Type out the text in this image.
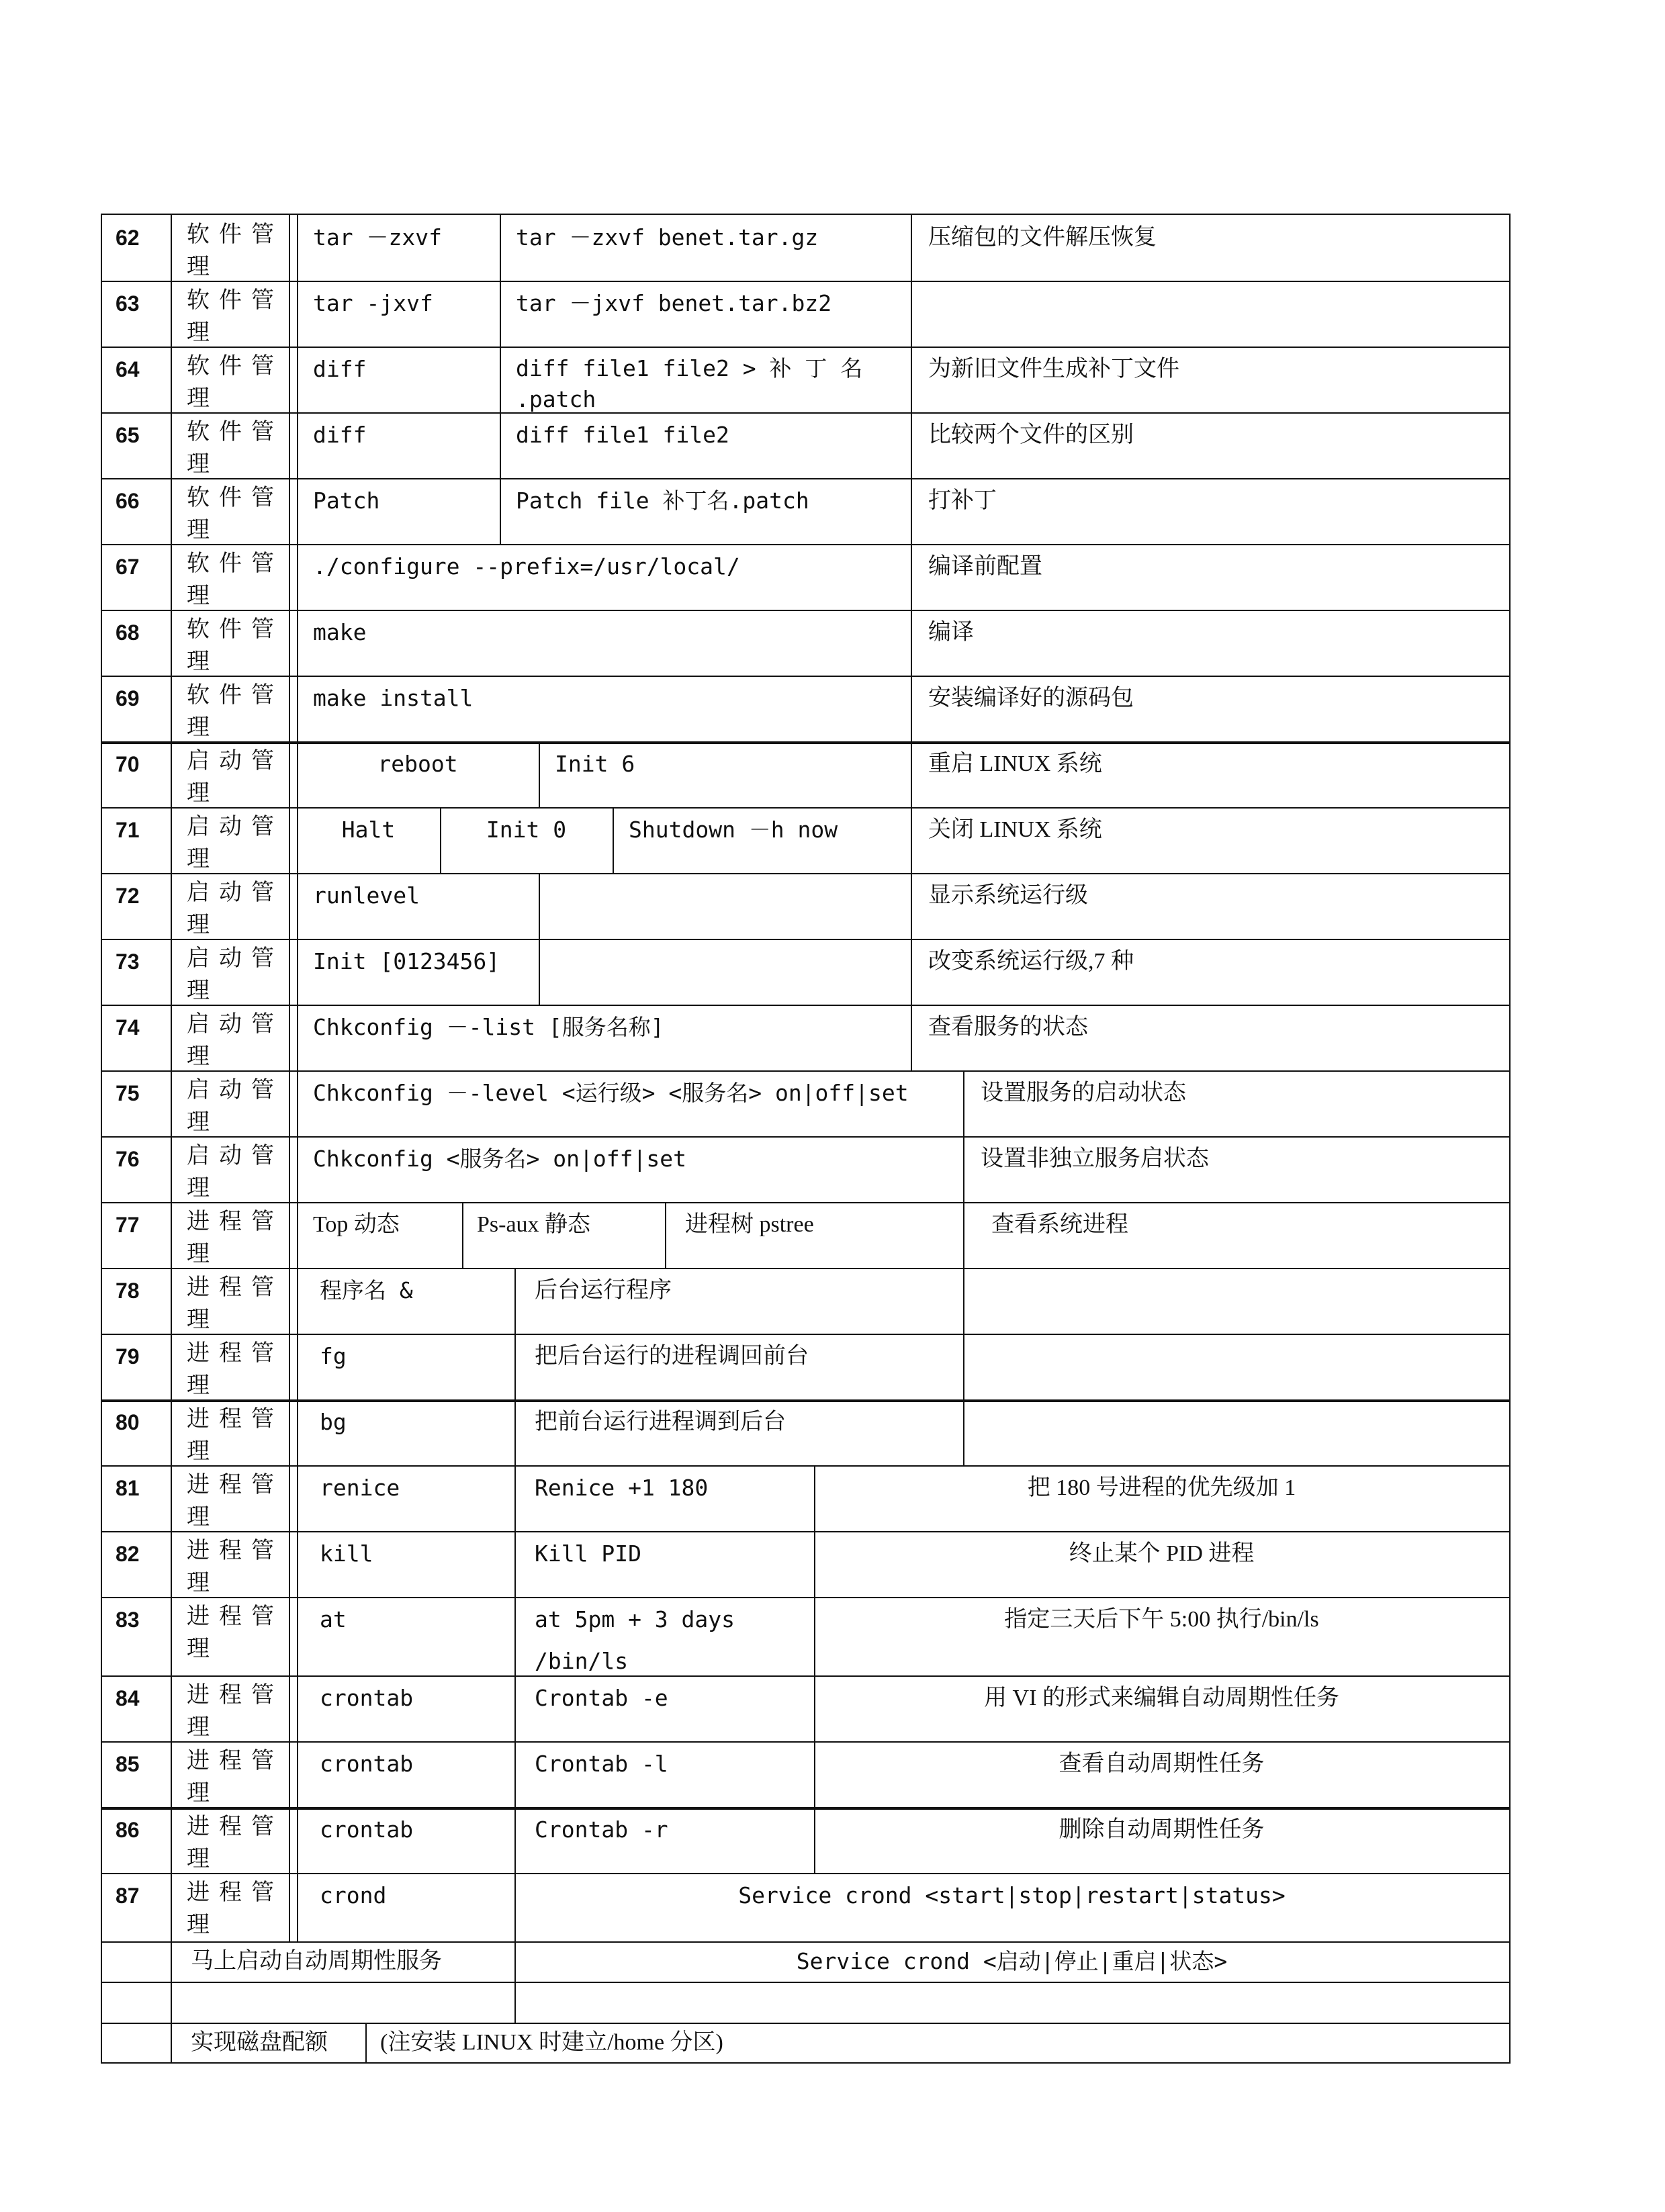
62 软件管
理
tar －zxvf	tar －zxvf benet.tar.gz	压缩包的文件解压恢复
63 软件管
理
tar -jxvf	tar －jxvf benet.tar.bz2
64 软件管
理
diff	diff file1 file2 > 补 丁 名
.patch
为新旧文件生成补丁文件
65 软件管
理
diff	diff file1 file2	比较两个文件的区别
66 软件管
理
Patch	Patch file 补丁名.patch	打补丁
67 软件管
理
./configure --prefix=/usr/local/	编译前配置
68 软件管
理
make	编译
69 软件管
理
make install	安装编译好的源码包
70 启动管
理
reboot	Init 6	重启 LINUX 系统
71 启动管
理
Halt	Init 0	Shutdown －h now	关闭 LINUX 系统
72 启动管
理
runlevel	显示系统运行级
73 启动管
理
Init [0123456]	改变系统运行级,7 种
74 启动管
理
Chkconfig －-list [服务名称]	查看服务的状态
75 启动管
理
Chkconfig －-level <运行级> <服务名> on|off|set	设置服务的启动状态
76 启动管
理
Chkconfig <服务名> on|off|set	设置非独立服务启状态
77 进程管
理
Top 动态	Ps-aux 静态	进程树 pstree	查看系统进程
78 进程管
理
程序名 &	后台运行程序
79 进程管
理
fg	把后台运行的进程调回前台
80 进程管
理
bg	把前台运行进程调到后台
81 进程管
理
renice	Renice +1 180	把 180 号进程的优先级加 1
82 进程管
理
kill	Kill PID	终止某个 PID 进程
83 进程管
理
at	at 5pm + 3 days
/bin/ls
指定三天后下午 5:00 执行/bin/ls
84 进程管
理
crontab	Crontab -e	用 VI 的形式来编辑自动周期性任务
85 进程管
理
crontab	Crontab -l	查看自动周期性任务
86 进程管
理
crontab	Crontab -r	删除自动周期性任务
87 进程管
理
crond	Service crond <start|stop|restart|status>
马上启动自动周期性服务	Service crond <启动|停止|重启|状态>
实现磁盘配额 (注安装 LINUX 时建立/home 分区)
